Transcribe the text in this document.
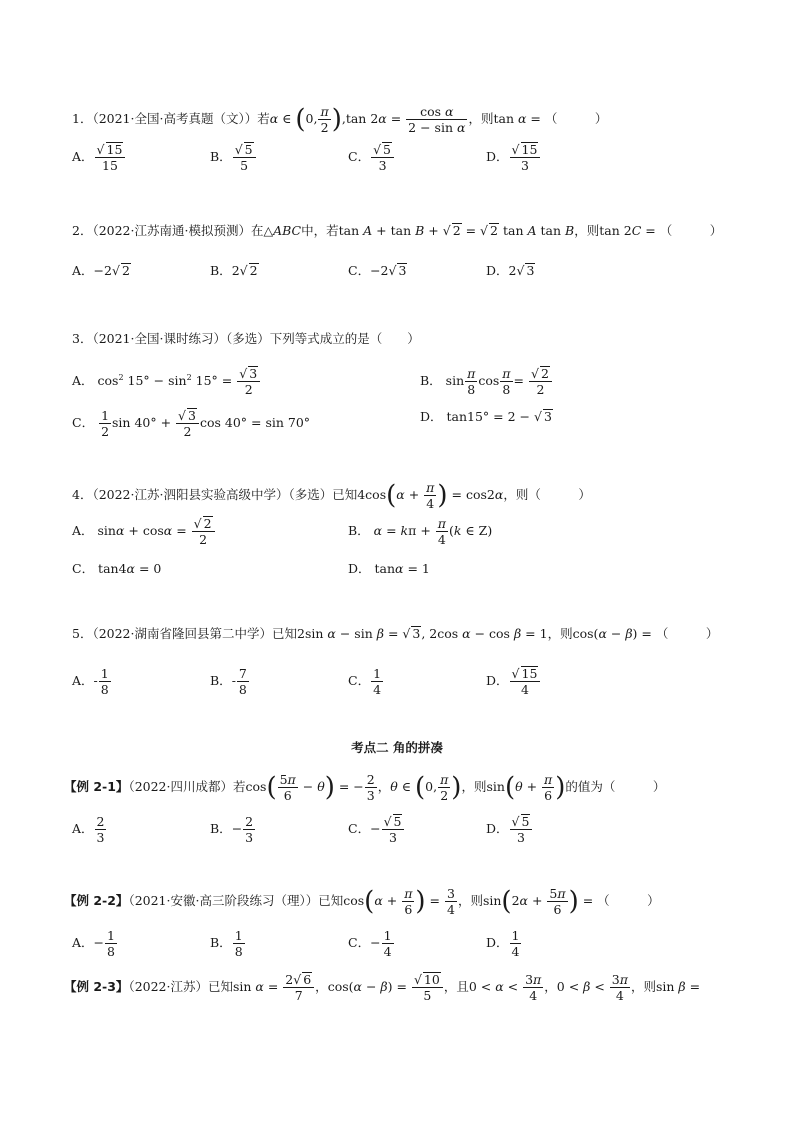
1．（2021·全国·高考真题（文））若α ∈ (0, $\frac{\pi}{2} ),\tan$ $2\alpha = \frac{\text{cos α}}{\text{2 − sin α}}$ ，则tan α = （　　　）
A． $\frac{√ 15}{15}$	B． $\frac{√ 5}{5}$	C． $\frac{√ 5}{3}$	D． $\frac{√ 15}{3}$
2．（2022·江苏南通·模拟预测）在△ABC中，若tan A + tan B + √ 2 = √ 2 tan A tan B，则tan 2C = （　　　）
A．−2√ 2	B．2√ 2	C．−2√ 3	D．2√ 3
3．（2021·全国·课时练习）（多选）下列等式成立的是（　　）
A． $\cos^2 15^\circ - \sin^2 15^\circ = \frac{√ 3}{2}$	B． $\sin \frac{\pi}{8}$ $\cos \frac{\pi}{8} = \frac{√ 2}{2}$
C． $\frac{1}{2}$ $\sin 40^\circ + \frac{√ 3}{2}$ cos 40° = sin 70°	D． tan15° = 2 − √ 3
4．（2022·江苏·泗阳县实验高级中学）（多选）已知$4\cos(\alpha + \frac{\pi}{4}$ ) = cos2α，则（　　　）
A． $\sin\alpha + \cos\alpha = \frac{√ 2}{2}$	B． $\alpha = k\pi + \frac{\pi}{4} (k$ ∈ Z)
C． tan4α = 0	D． tanα = 1
5．（2022·湖南省隆回县第二中学）已知2sin α − sin β = √ 3, 2cos α − cos β = 1，则cos(α − β) = （　　　）
A．- $\frac{1}{8}$	B．- $\frac{7}{8}$	C． $\frac{1}{4}$	D． $\frac{√ 15}{4}$
考点二 角的拼凑
【例 2-1】（2022·四川成都）若$\cos( \frac{5\pi}{6} - \theta)$ = − $\frac{2}{3}$ ，θ ∈ (0, $\frac{\pi}{2}$ )，则$\sin(\theta + \frac{\pi}{6}$ )的值为（　　　）
A． $\frac{2}{3}$	B．− $\frac{2}{3}$	C．− $\frac{√ 5}{3}$	D． $\frac{√ 5}{3}$
【例 2-2】（2021·安徽·高三阶段练习（理））已知$\cos(\alpha + \frac{\pi}{6}$ ) = $\frac{3}{4}$ ，则$\sin(2\alpha + \frac{5\pi}{6}$ ) = （　　　）
A．− $\frac{1}{8}$	B． $\frac{1}{8}$	C．− $\frac{1}{4}$	D． $\frac{1}{4}$
【例 2-3】（2022·江苏）已知$\sin \alpha = \frac{2√ 6}{7}$ ，$\cos(\alpha - \beta) = \frac{√ 10}{5}$ ，且$0 < \alpha < \frac{3\pi}{4}$ ，$0 < \beta < \frac{3\pi}{4}$ ，则sin β =
